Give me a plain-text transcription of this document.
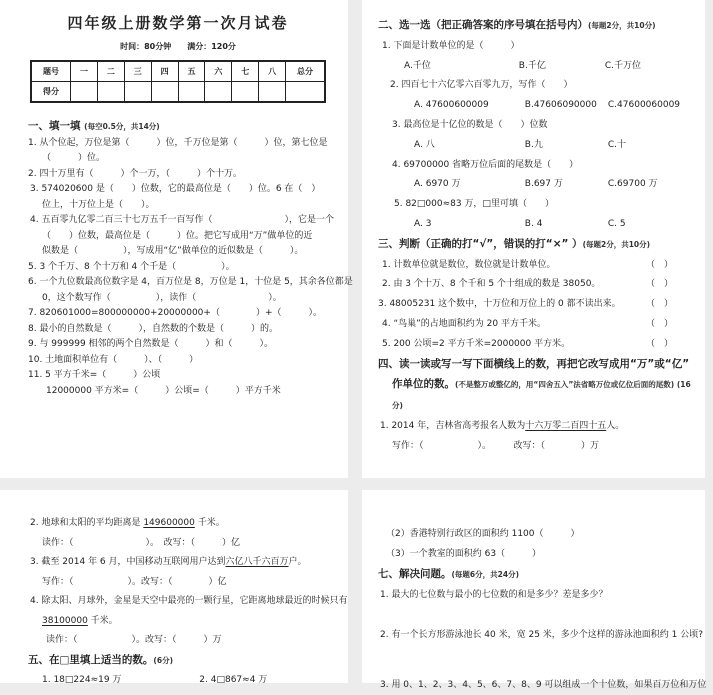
四年级上册数学第一次月试卷
时间：80分钟　　满分：120分
题号	一	二	三	四	五	六	七	八	总分
得分									
一、填一填 (每空0.5分，共14分)
1. 从个位起，万位是第（　　　）位，千万位是第（　　　）位，第七位是
（　　　）位。
2. 四十万里有（　　　）个一万，（　　　）个十万。
3. 574020600 是（　　）位数，它的最高位是（　　）位。6 在（　）
位上，十万位上是（　　）。
4. 五百零九亿零二百三十七万五千一百写作（　　　　　　　　），它是一个
（　　）位数，最高位是（　　　）位。把它写成用“万”做单位的近
似数是（　　　　　），写成用“亿”做单位的近似数是（　　　）。
5. 3 个千万、8 个十万和 4 个千是（　　　　　）。
6. 一个九位数最高位数字是 4，百万位是 8，万位是 1，十位是 5，其余各位都是
0，这个数写作（　　　　　），读作（　　　　　　　　）。
7. 820601000=800000000+20000000+（　　　　）+（　　　）。
8. 最小的自然数是（　　　），自然数的个数是（　　　）的。
9. 与 999999 相邻的两个自然数是（　　　）和（　　　）。
10. 土地面积单位有（　　　）、（　　　）
11. 5 平方千米=（　　　）公顷
12000000 平方米=（　　　）公顷=（　　　）平方千米
二、选一选（把正确答案的序号填在括号内）(每题2分，共10分)
1. 下面是计数单位的是（　　　）
A.千位	B.千亿	C.千万位
2. 四百七十六亿零六百零九万，写作（　　）
A. 47600600009	B.47606090000	C.47600060009
3. 最高位是十亿位的数是（　　）位数
A. 八	B.九	C.十
4. 69700000 省略万位后面的尾数是（　　）
A. 6970 万	B.697 万	C.69700 万
5. 82□000≈83 万，□里可填（　　）
A. 3	B. 4	C. 5
三、判断（正确的打“√”，错误的打“×” ）(每题2分，共10分)
1. 计数单位就是数位，数位就是计数单位。	（　）
2. 由 3 个十万、8 个千和 5 个十组成的数是 38050。	（　）
3. 48005231 这个数中，十万位和万位上的 0 都不读出来。	（　）
4. “鸟巢”的占地面积约为 20 平方千米。	（　）
5. 200 公顷=2 平方千米=2000000 平方米。	（　）
四、读一读或写一写下面横线上的数，再把它改写成用“万”或“亿”
作单位的数。(不是整万或整亿的，用“四舍五入”法省略万位或亿位后面的尾数) (16
分)
1. 2014 年，吉林省高考报名人数为十六万零二百四十五人。
写作：（　　　　　　）。　　　改写：（　　　　）万
2. 地球和太阳的平均距离是 149600000 千米。
读作：（　　　　　　　　）。　改写：（　　　）亿
3. 截至 2014 年 6 月，中国移动互联网用户达到六亿八千六百万户。
写作：（　　　　　　）。改写：（　　　　）亿
4. 除太阳、月球外，金星是天空中最亮的一颗行星，它距离地球最近的时候只有
38100000 千米。
读作：（　　　　　　）。改写：（　　　）万
五、在□里填上适当的数。(6分)
1. 18□224≈19 万	2. 4□867≈4 万
（2）香港特别行政区的面积约 1100（　　　）
（3）一个教室的面积约 63（　　　）
七、解决问题。(每题6分，共24分)
1. 最大的七位数与最小的七位数的和是多少？差是多少？
2. 有一个长方形游泳池长 40 米，宽 25 米，多少个这样的游泳池面积约 1 公顷?
3. 用 0、1、2、3、4、5、6、7、8、9 可以组成一个十位数，如果百万位和万位
